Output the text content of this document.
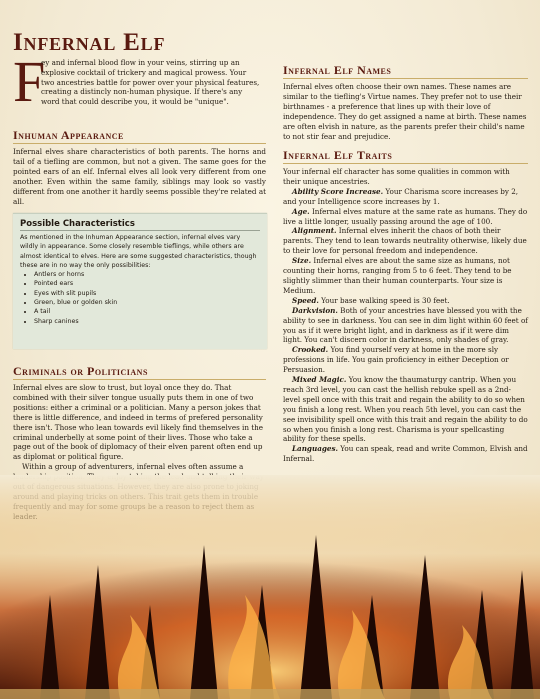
Infernal Elf
F

ey and infernal blood flow in your veins, stirring up an explosive cocktail of trickery and magical prowess. Your two ancestries battle for power over your physical features, creating a distincly non-human physique. If there's any word that could describe you, it would be "unique".

Inhuman Appearance

Infernal elves share characteristics of both parents. The horns and tail of a tiefling are common, but not a given. The same goes for the pointed ears of an elf. Infernal elves all look very different from one another. Even within the same family, siblings may look so vastly different from one another it hardly seems possible they're related at all.

Possible Characteristics

As mentioned in the Inhuman Appearance section, infernal elves vary wildly in appearance. Some closely resemble tieflings, while others are almost identical to elves. Here are some suggested characteristics, though these are in no way the only possibilities:

• Antlers or horns
• Pointed ears
• Eyes with slit pupils
• Green, blue or golden skin
• A tail
• Sharp canines
Criminals or Politicians

Infernal elves are slow to trust, but loyal once they do. That combined with their silver tongue usually puts them in one of two positions: either a criminal or a politician. Many a person jokes that there is little difference, and indeed in terms of prefered personality there isn't. Those who lean towards evil likely find themselves in the criminal underbelly at some point of their lives. Those who take a page out of the book of diplomacy of their elven parent often end up as diplomat or political figure.

Within a group of adventurers, infernal elves often assume a

Infernal Elf Names

Infernal elves often choose their own names. These names are similar to the tiefling's Virtue names. They prefer not to use their birthnames - a preference that lines up with their love of independence. They do get assigned a name at birth. These names are often elvish in nature, as the parents prefer their child's name to not stir fear and prejudice.

Infernal Elf Traits

Your infernal elf character has some qualities in common with their unique ancestries.

Ability Score Increase. Your Charisma score increases by 2, and your Intelligence score increases by 1.

Age. Infernal elves mature at the same rate as humans. They do live a little longer, usually passing around the age of 100.

Alignment. Infernal elves inherit the chaos of both their parents. They tend to lean towards neutrality otherwise, likely due to their love for personal freedom and independence.

Size. Infernal elves are about the same size as humans, not counting their horns, ranging from 5 to 6 feet. They tend to be slightly slimmer than their human counterparts. Your size is Medium.

Speed. Your base walking speed is 30 feet.

Darkvision. Both of your ancestries have blessed you with the ability to see in darkness. You can see in dim light within 60 feet of you as if it were bright light, and in darkness as if it were dim light. You can't discern color in darkness, only shades of gray.

Crooked. You find yourself very at home in the more sly professions in life. You gain proficiency in either Deception or Persuasion.

Mixed Magic. You know the thaumaturgy cantrip. When you reach 3rd level, you can cast the hellish rebuke spell as a 2nd-level spell once with this trait and regain the ability to do so when you finish a long rest. When you reach 5th level, you can cast the see invisibility spell once with this trait and regain the ability to do so when you finish a long rest. Charisma is your spellcasting ability for these spells.

Languages. You can speak, read and write Common, Elvish and Infernal.
